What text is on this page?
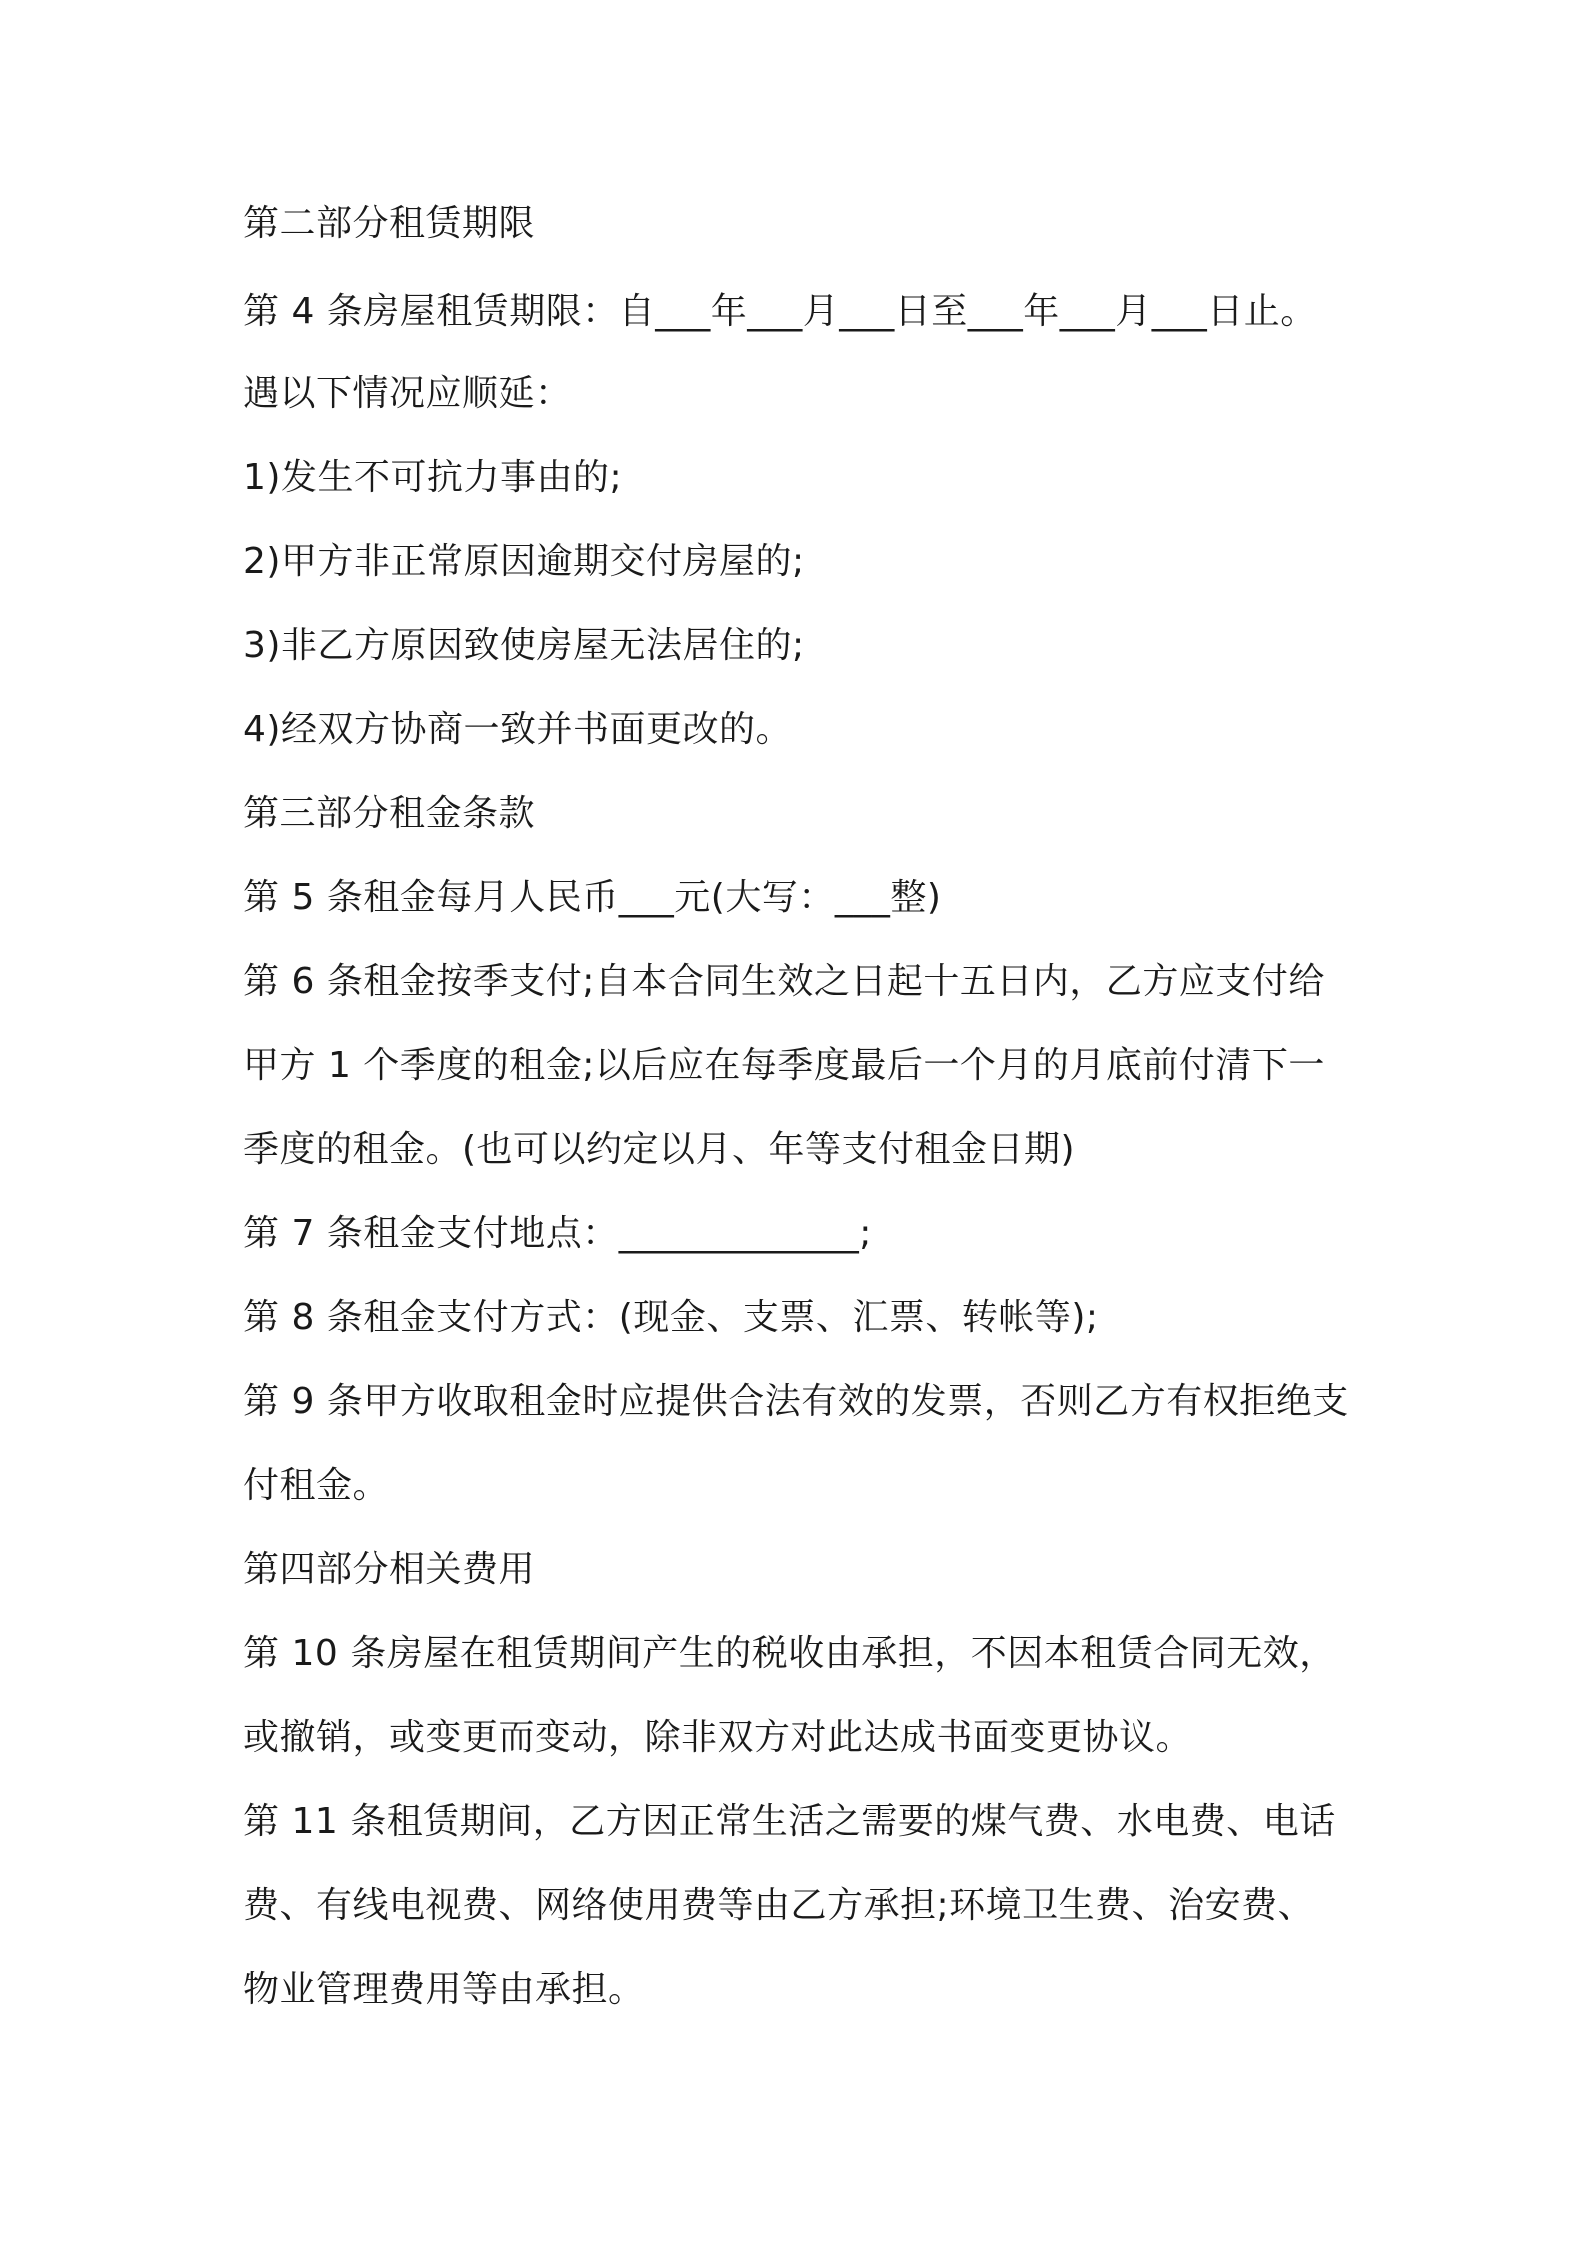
第二部分租赁期限
第 4 条房屋租赁期限：自___年___月___日至___年___月___日止。
遇以下情况应顺延：
1)发生不可抗力事由的;
2)甲方非正常原因逾期交付房屋的;
3)非乙方原因致使房屋无法居住的;
4)经双方协商一致并书面更改的。
第三部分租金条款
第 5 条租金每月人民币___元(大写：___整)
第 6 条租金按季支付;自本合同生效之日起十五日内，乙方应支付给
甲方 1 个季度的租金;以后应在每季度最后一个月的月底前付清下一
季度的租金。(也可以约定以月、年等支付租金日期)
第 7 条租金支付地点：_____________;
第 8 条租金支付方式：(现金、支票、汇票、转帐等);
第 9 条甲方收取租金时应提供合法有效的发票，否则乙方有权拒绝支
付租金。
第四部分相关费用
第 10 条房屋在租赁期间产生的税收由承担，不因本租赁合同无效，
或撤销，或变更而变动，除非双方对此达成书面变更协议。
第 11 条租赁期间，乙方因正常生活之需要的煤气费、水电费、电话
费、有线电视费、网络使用费等由乙方承担;环境卫生费、治安费、
物业管理费用等由承担。
